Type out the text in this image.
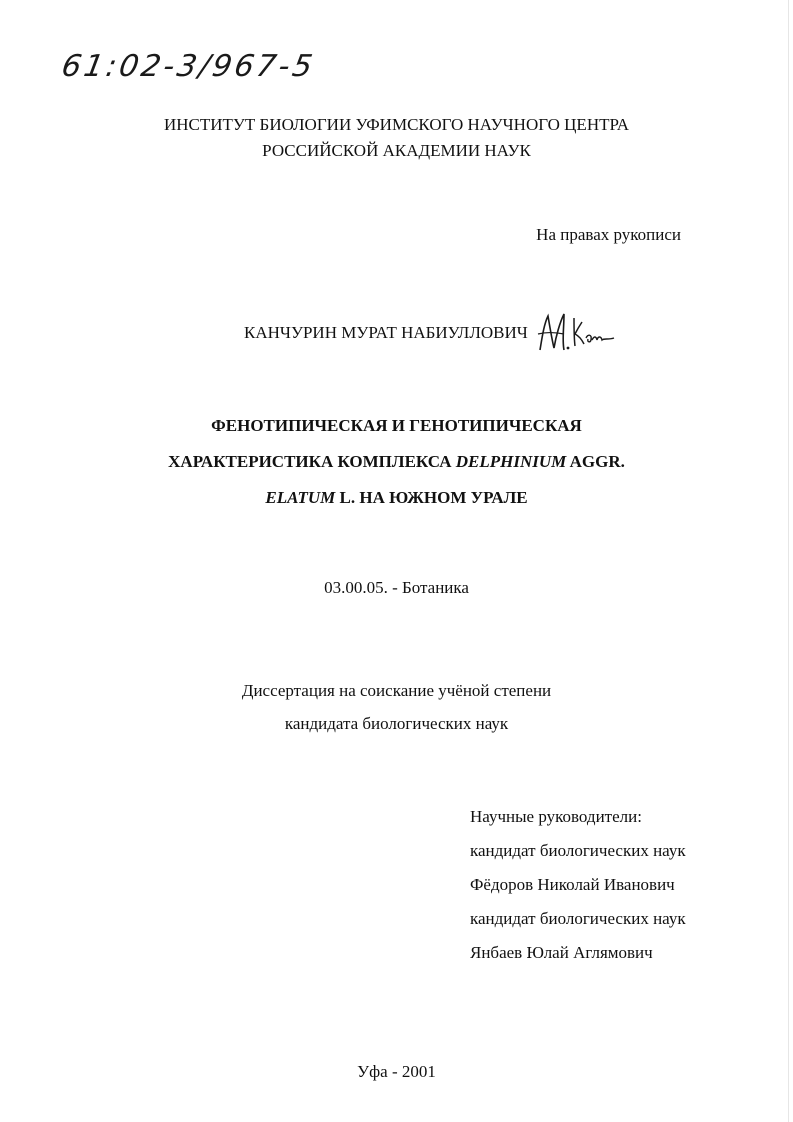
61:02-3/967-5
ИНСТИТУТ БИОЛОГИИ УФИМСКОГО НАУЧНОГО ЦЕНТРА
РОССИЙСКОЙ АКАДЕМИИ НАУК
На правах рукописи
КАНЧУРИН МУРАТ НАБИУЛЛОВИЧ
ФЕНОТИПИЧЕСКАЯ И ГЕНОТИПИЧЕСКАЯ
ХАРАКТЕРИСТИКА КОМПЛЕКСА DELPHINIUM AGGR.
ELATUM L. НА ЮЖНОМ УРАЛЕ
03.00.05. - Ботаника
Диссертация на соискание учёной степени
кандидата биологических наук
Научные руководители:
кандидат биологических наук
Фёдоров Николай Иванович
кандидат биологических наук
Янбаев Юлай Аглямович
Уфа - 2001
